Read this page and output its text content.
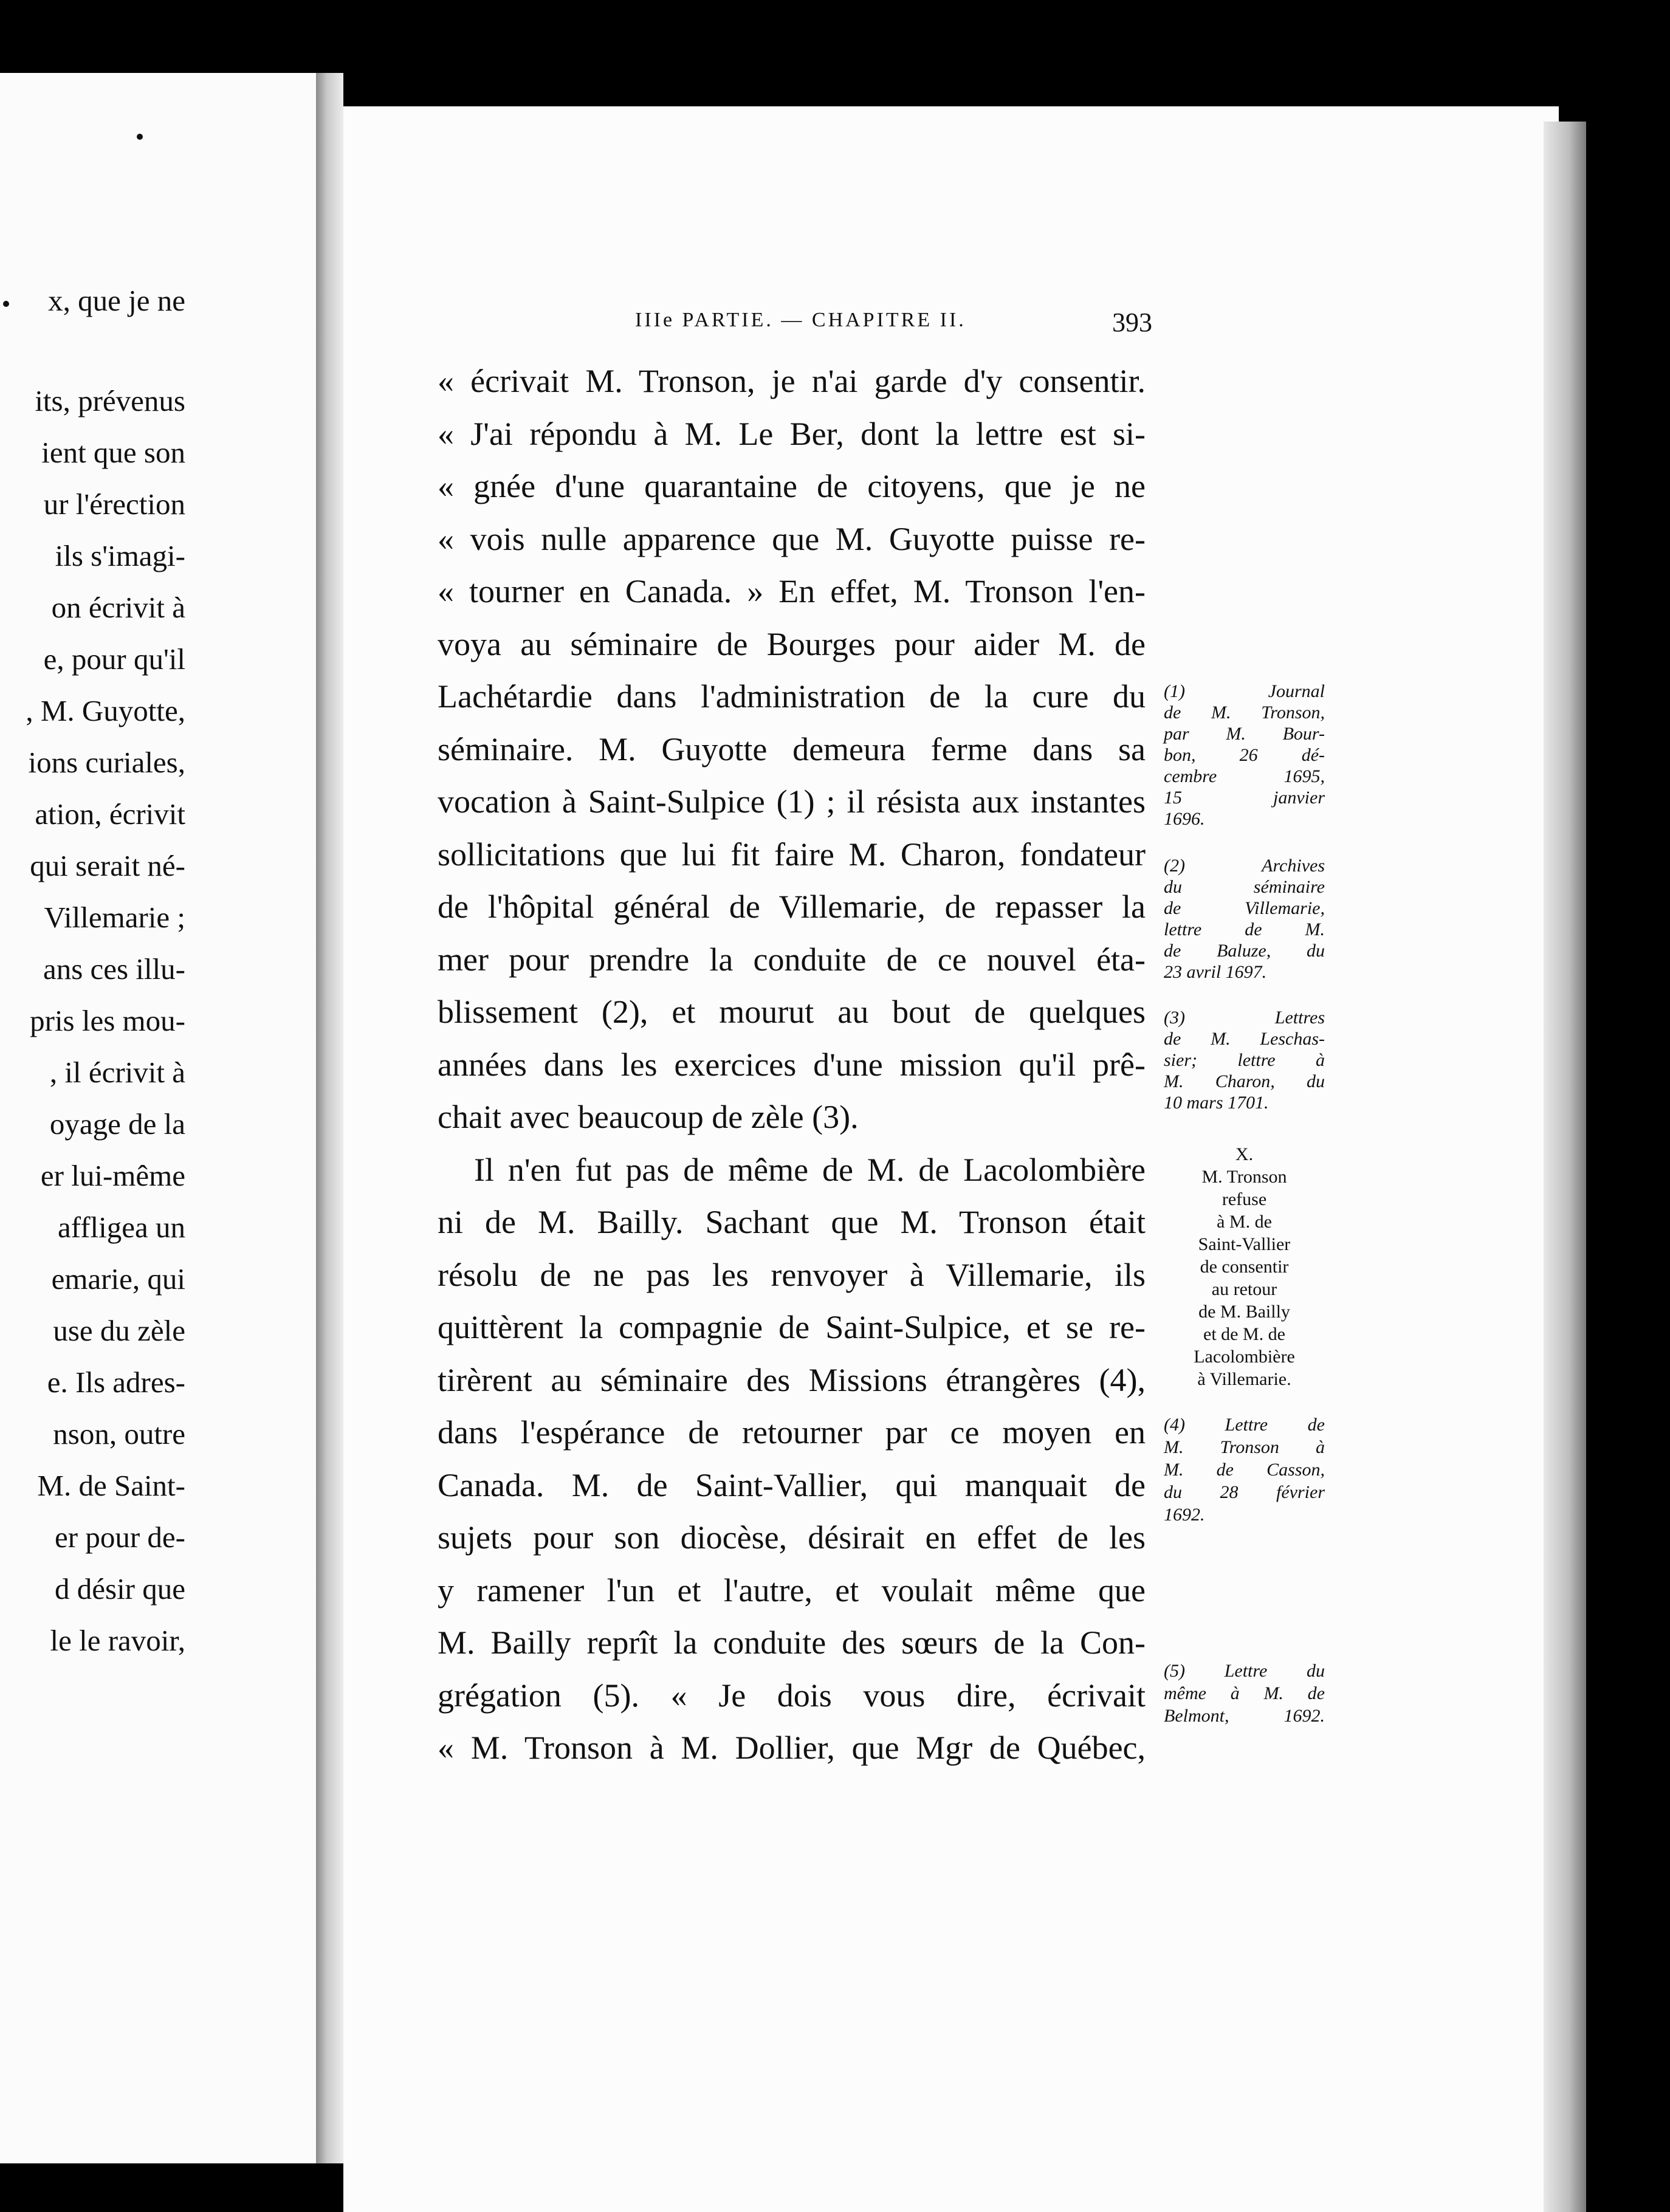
x, que je ne
its, prévenus
ient que son
ur l'érection
ils s'imagi-
on écrivit à
e, pour qu'il
, M. Guyotte,
ions curiales,
ation, écrivit
qui serait né-
Villemarie ;
ans ces illu-
pris les mou-
, il écrivit à
oyage de la
er lui-même
affligea un
emarie, qui
use du zèle
e. Ils adres-
nson, outre
M. de Saint-
er pour de-
d désir que
le le ravoir,
IIIe PARTIE. — CHAPITRE II.	393
« écrivait M. Tronson, je n'ai garde d'y consentir.
« J'ai répondu à M. Le Ber, dont la lettre est si-
« gnée d'une quarantaine de citoyens, que je ne
« vois nulle apparence que M. Guyotte puisse re-
« tourner en Canada. » En effet, M. Tronson l'en-
voya au séminaire de Bourges pour aider M. de
Lachétardie dans l'administration de la cure du
séminaire. M. Guyotte demeura ferme dans sa
vocation à Saint-Sulpice (1) ; il résista aux instantes
sollicitations que lui fit faire M. Charon, fondateur
de l'hôpital général de Villemarie, de repasser la
mer pour prendre la conduite de ce nouvel éta-
blissement (2), et mourut au bout de quelques
années dans les exercices d'une mission qu'il prê-
chait avec beaucoup de zèle (3).
Il n'en fut pas de même de M. de Lacolombière
ni de M. Bailly. Sachant que M. Tronson était
résolu de ne pas les renvoyer à Villemarie, ils
quittèrent la compagnie de Saint-Sulpice, et se re-
tirèrent au séminaire des Missions étrangères (4),
dans l'espérance de retourner par ce moyen en
Canada. M. de Saint-Vallier, qui manquait de
sujets pour son diocèse, désirait en effet de les
y ramener l'un et l'autre, et voulait même que
M. Bailly reprît la conduite des sœurs de la Con-
grégation (5). « Je dois vous dire, écrivait
« M. Tronson à M. Dollier, que Mgr de Québec,
(1) Journal
de M. Tronson,
par M. Bour-
bon, 26 dé-
cembre 1695,
15 janvier
1696.
(2) Archives
du séminaire
de Villemarie,
lettre de M.
de Baluze, du
23 avril 1697.
(3) Lettres
de M. Leschas-
sier; lettre à
M. Charon, du
10 mars 1701.
X.
M. Tronson
refuse
à M. de
Saint-Vallier
de consentir
au retour
de M. Bailly
et de M. de
Lacolombière
à Villemarie.
(4) Lettre de
M. Tronson à
M. de Casson,
du 28 février
1692.
(5) Lettre du
même à M. de
Belmont, 1692.
